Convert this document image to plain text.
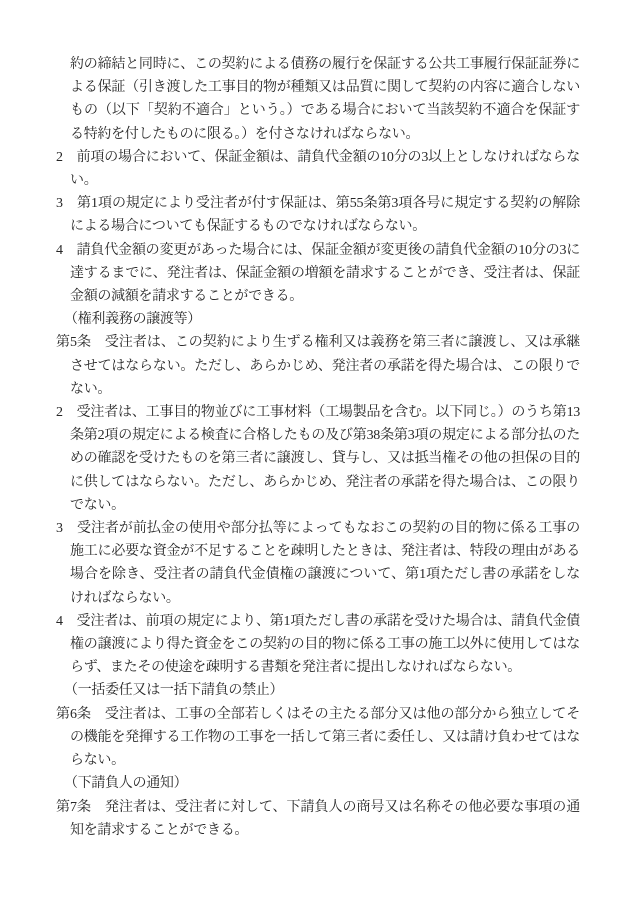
約の締結と同時に、この契約による債務の履行を保証する公共工事履行保証証券による保証（引き渡した工事目的物が種類又は品質に関して契約の内容に適合しないもの（以下「契約不適合」という。）である場合において当該契約不適合を保証する特約を付したものに限る。）を付さなければならない。
2　前項の場合において、保証金額は、請負代金額の10分の3以上としなければならない。
3　第1項の規定により受注者が付す保証は、第55条第3項各号に規定する契約の解除による場合についても保証するものでなければならない。
4　請負代金額の変更があった場合には、保証金額が変更後の請負代金額の10分の3に達するまでに、発注者は、保証金額の増額を請求することができ、受注者は、保証金額の減額を請求することができる。
（権利義務の譲渡等）
第5条　受注者は、この契約により生ずる権利又は義務を第三者に譲渡し、又は承継させてはならない。ただし、あらかじめ、発注者の承諾を得た場合は、この限りでない。
2　受注者は、工事目的物並びに工事材料（工場製品を含む。以下同じ。）のうち第13条第2項の規定による検査に合格したもの及び第38条第3項の規定による部分払のための確認を受けたものを第三者に譲渡し、貸与し、又は抵当権その他の担保の目的に供してはならない。ただし、あらかじめ、発注者の承諾を得た場合は、この限りでない。
3　受注者が前払金の使用や部分払等によってもなおこの契約の目的物に係る工事の施工に必要な資金が不足することを疎明したときは、発注者は、特段の理由がある場合を除き、受注者の請負代金債権の譲渡について、第1項ただし書の承諾をしなければならない。
4　受注者は、前項の規定により、第1項ただし書の承諾を受けた場合は、請負代金債権の譲渡により得た資金をこの契約の目的物に係る工事の施工以外に使用してはならず、またその使途を疎明する書類を発注者に提出しなければならない。
（一括委任又は一括下請負の禁止）
第6条　受注者は、工事の全部若しくはその主たる部分又は他の部分から独立してその機能を発揮する工作物の工事を一括して第三者に委任し、又は請け負わせてはならない。
（下請負人の通知）
第7条　発注者は、受注者に対して、下請負人の商号又は名称その他必要な事項の通知を請求することができる。
